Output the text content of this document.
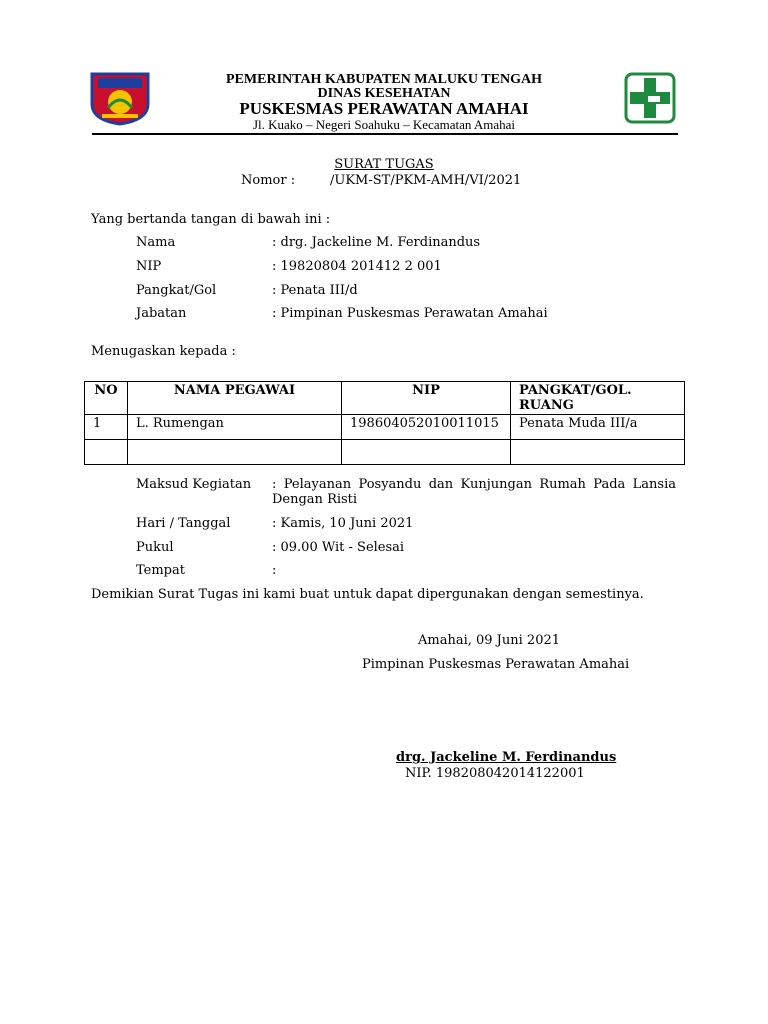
PEMERINTAH KABUPATEN MALUKU TENGAH
DINAS KESEHATAN
PUSKESMAS PERAWATAN AMAHAI
Jl. Kuako – Negeri Soahuku – Kecamatan Amahai
SURAT TUGAS
Nomor :	/UKM-ST/PKM-AMH/VI/2021
Yang bertanda tangan di bawah ini :
Nama	: drg. Jackeline M. Ferdinandus
NIP	: 19820804 201412 2 001
Pangkat/Gol	: Penata III/d
Jabatan	: Pimpinan Puskesmas Perawatan Amahai
Menugaskan kepada :
NO	NAMA PEGAWAI	NIP	PANGKAT/GOL. RUANG
1	L. Rumengan	198604052010011015	Penata Muda III/a

Maksud Kegiatan : Pelayanan Posyandu dan Kunjungan Rumah Pada Lansia Dengan Risti
Hari / Tanggal	: Kamis, 10 Juni 2021
Pukul	: 09.00 Wit - Selesai
Tempat	:
Demikian Surat Tugas ini kami buat untuk dapat dipergunakan dengan semestinya.
Amahai, 09 Juni 2021
Pimpinan Puskesmas Perawatan Amahai
drg. Jackeline M. Ferdinandus
NIP. 198208042014122001
